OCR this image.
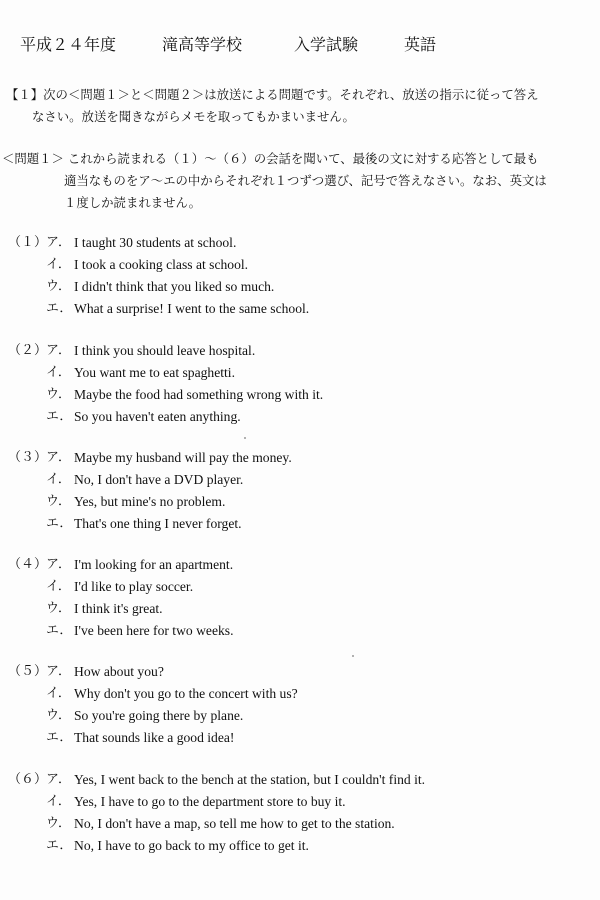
平成２４年度	滝高等学校	入学試験	英語
【１】次の＜問題１＞と＜問題２＞は放送による問題です。それぞれ、放送の指示に従って答え
なさい。放送を聞きながらメモを取ってもかまいません。
＜問題１＞ これから読まれる（１）～（６）の会話を聞いて、最後の文に対する応答として最も
適当なものをア～エの中からそれぞれ１つずつ選び、記号で答えなさい。なお、英文は
１度しか読まれません。
（１）
ア． I taught 30 students at school.
イ． I took a cooking class at school.
ウ． I didn't think that you liked so much.
エ． What a surprise! I went to the same school.
（２）
ア． I think you should leave hospital.
イ． You want me to eat spaghetti.
ウ． Maybe the food had something wrong with it.
エ． So you haven't eaten anything.
（３）
ア． Maybe my husband will pay the money.
イ． No, I don't have a DVD player.
ウ． Yes, but mine's no problem.
エ． That's one thing I never forget.
（４）
ア． I'm looking for an apartment.
イ． I'd like to play soccer.
ウ． I think it's great.
エ． I've been here for two weeks.
（５）
ア． How about you?
イ． Why don't you go to the concert with us?
ウ． So you're going there by plane.
エ． That sounds like a good idea!
（６）
ア． Yes, I went back to the bench at the station, but I couldn't find it.
イ． Yes, I have to go to the department store to buy it.
ウ． No, I don't have a map, so tell me how to get to the station.
エ． No, I have to go back to my office to get it.
